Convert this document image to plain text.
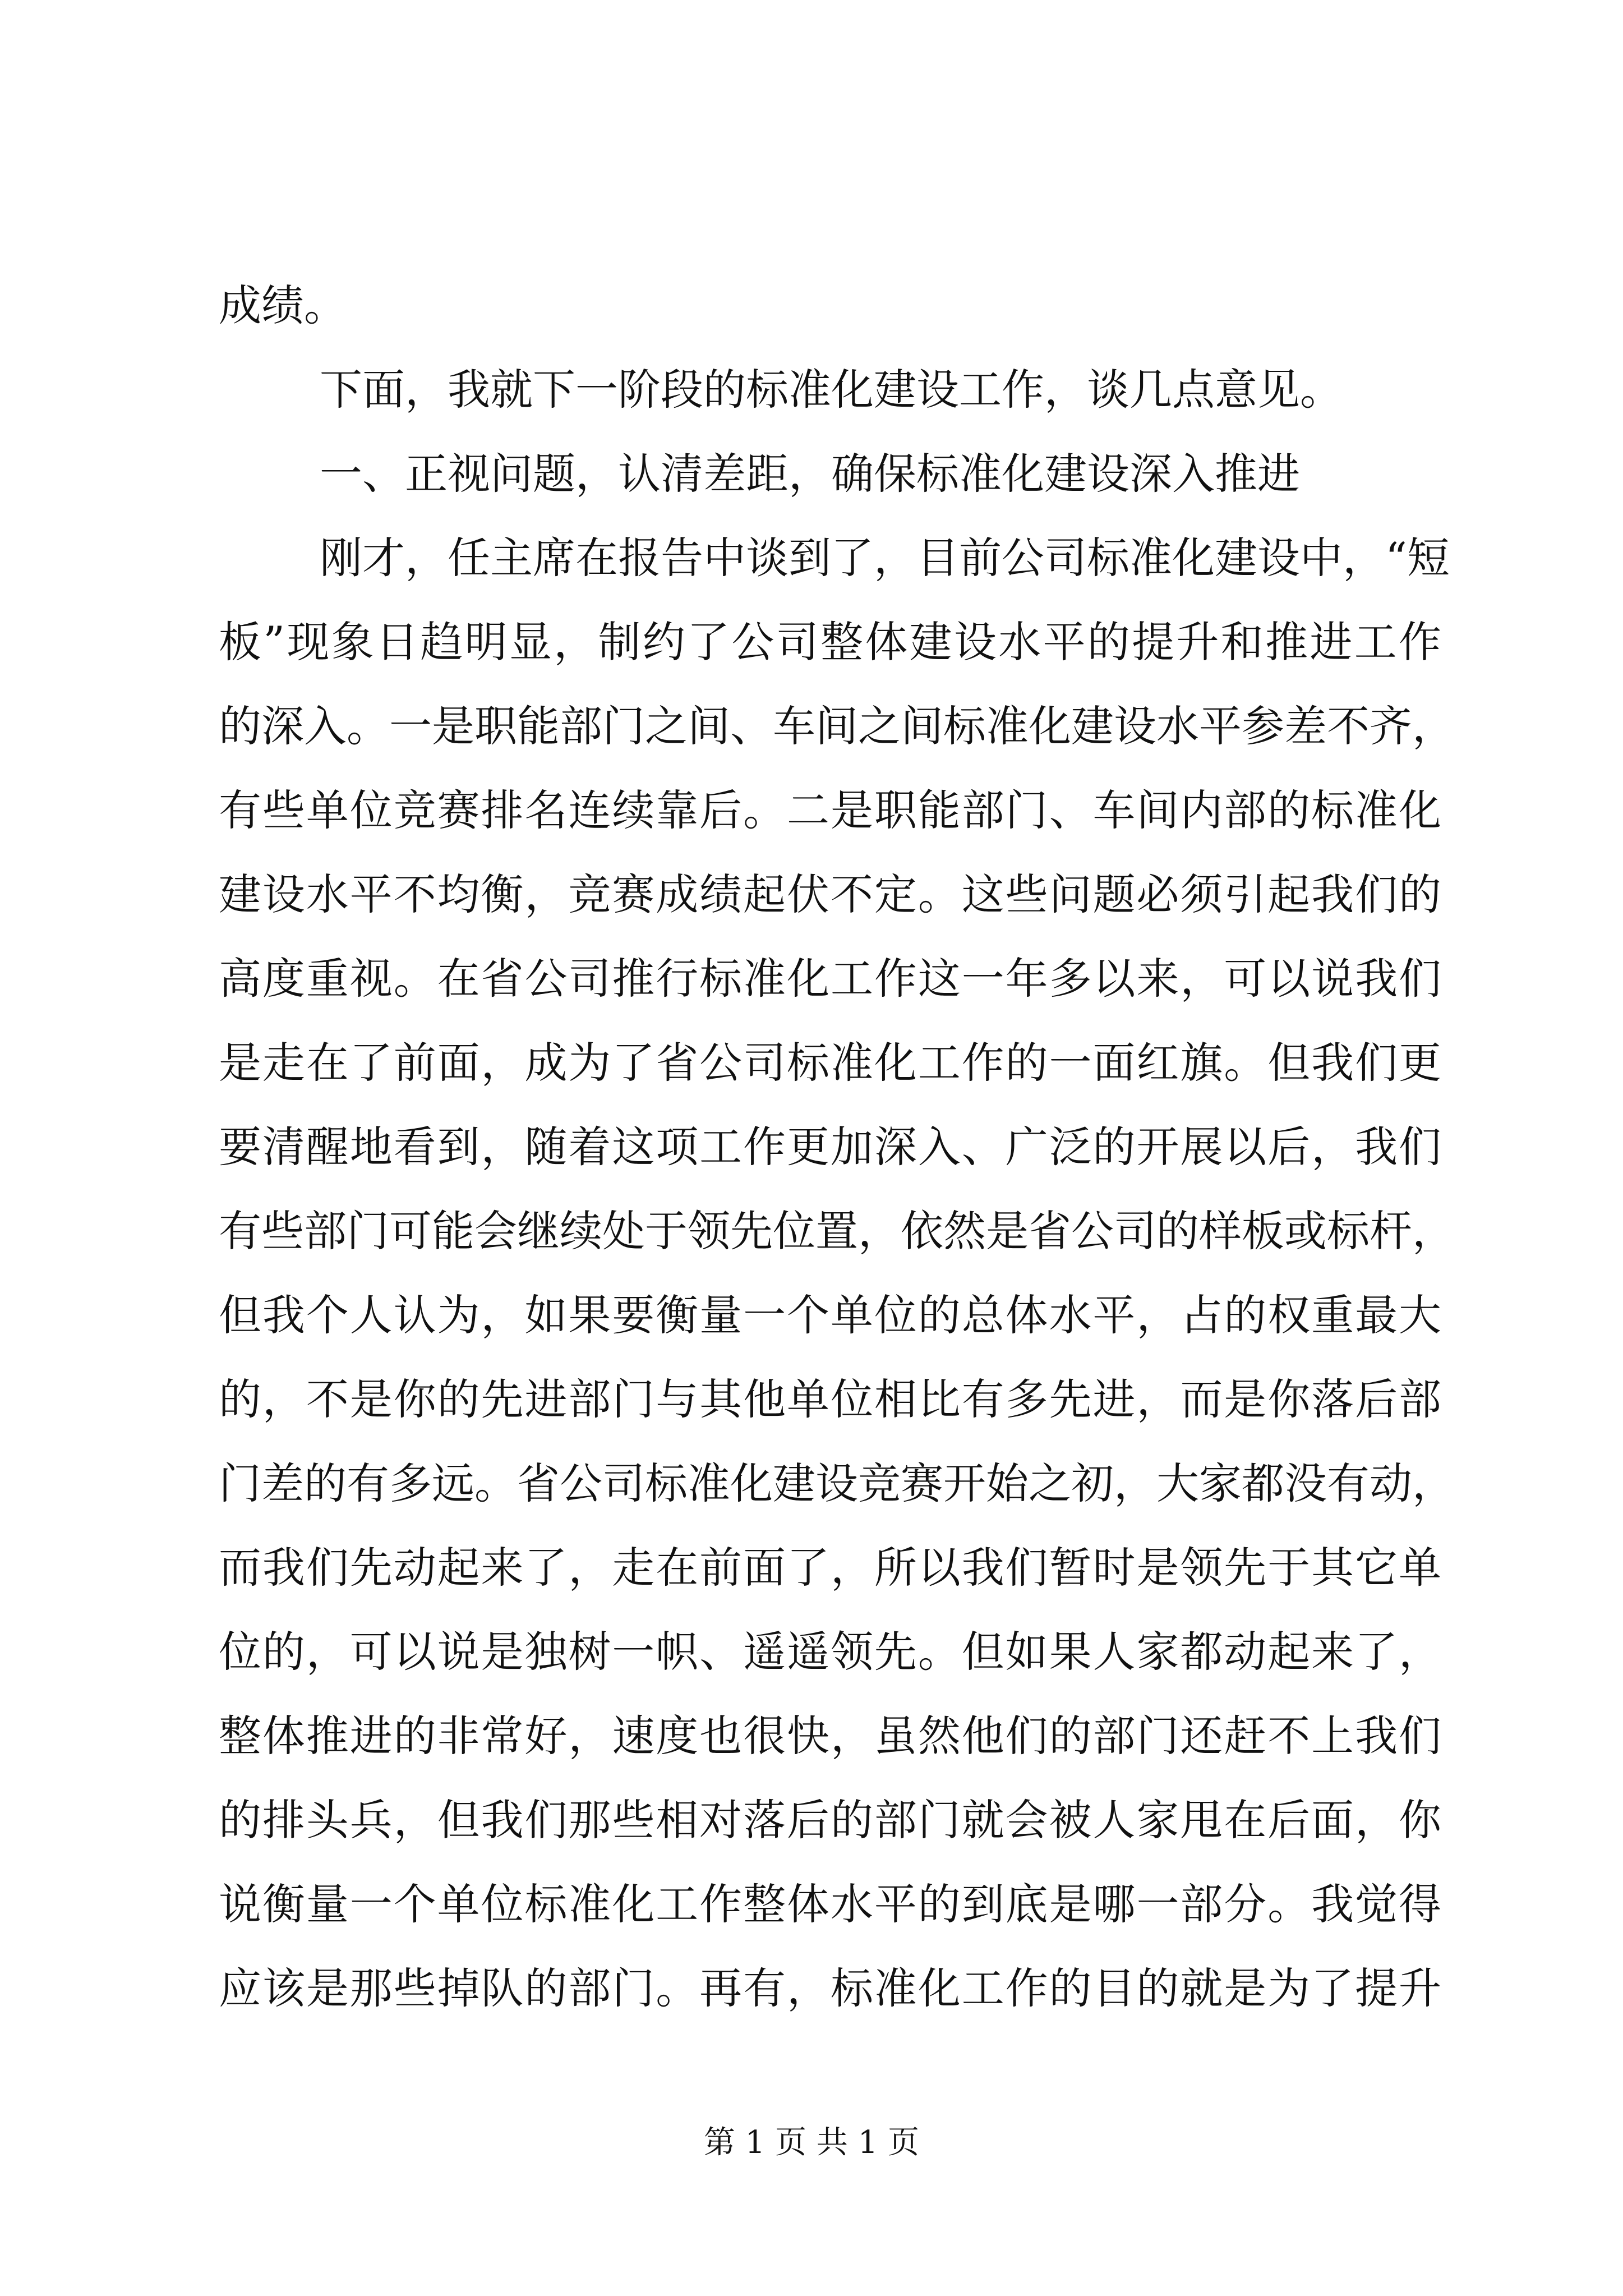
成绩。
下面，我就下一阶段的标准化建设工作，谈几点意见。
一、正视问题，认清差距，确保标准化建设深入推进
刚才，任主席在报告中谈到了，目前公司标准化建设中，“短
板”现象日趋明显，制约了公司整体建设水平的提升和推进工作
的深入。一是职能部门之间、车间之间标准化建设水平参差不齐，
有些单位竞赛排名连续靠后。二是职能部门、车间内部的标准化
建设水平不均衡，竞赛成绩起伏不定。这些问题必须引起我们的
高度重视。在省公司推行标准化工作这一年多以来，可以说我们
是走在了前面，成为了省公司标准化工作的一面红旗。但我们更
要清醒地看到，随着这项工作更加深入、广泛的开展以后，我们
有些部门可能会继续处于领先位置，依然是省公司的样板或标杆，
但我个人认为，如果要衡量一个单位的总体水平，占的权重最大
的，不是你的先进部门与其他单位相比有多先进，而是你落后部
门差的有多远。省公司标准化建设竞赛开始之初，大家都没有动，
而我们先动起来了，走在前面了，所以我们暂时是领先于其它单
位的，可以说是独树一帜、遥遥领先。但如果人家都动起来了，
整体推进的非常好，速度也很快，虽然他们的部门还赶不上我们
的排头兵，但我们那些相对落后的部门就会被人家甩在后面，你
说衡量一个单位标准化工作整体水平的到底是哪一部分。我觉得
应该是那些掉队的部门。再有，标准化工作的目的就是为了提升
第 1 页 共 1 页
